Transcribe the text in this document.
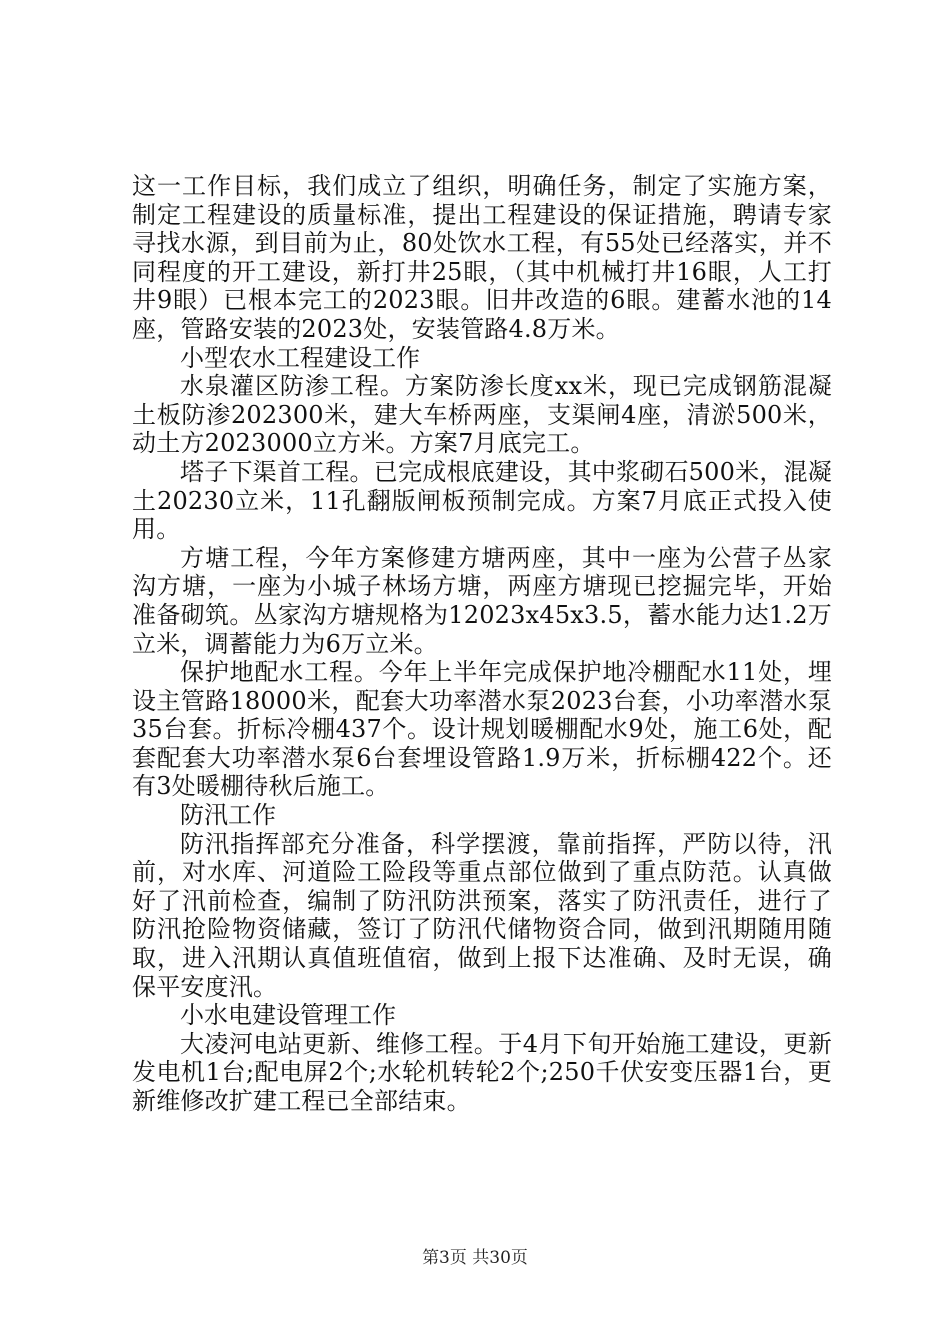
这一工作目标，我们成立了组织，明确任务，制定了实施方案，制定工程建设的质量标准，提出工程建设的保证措施，聘请专家寻找水源，到目前为止，80处饮水工程，有55处已经落实，并不同程度的开工建设，新打井25眼，（其中机械打井16眼，人工打井9眼）已根本完工的2023眼。旧井改造的6眼。建蓄水池的14座，管路安装的2023处，安装管路4.8万米。

小型农水工程建设工作

水泉灌区防渗工程。方案防渗长度xx米，现已完成钢筋混凝土板防渗202300米，建大车桥两座，支渠闸4座，清淤500米，动土方2023000立方米。方案7月底完工。

塔子下渠首工程。已完成根底建设，其中浆砌石500米，混凝土20230立米，11孔翻版闸板预制完成。方案7月底正式投入使用。

方塘工程，今年方案修建方塘两座，其中一座为公营子丛家沟方塘，一座为小城子林场方塘，两座方塘现已挖掘完毕，开始准备砌筑。丛家沟方塘规格为12023x45x3.5，蓄水能力达1.2万立米，调蓄能力为6万立米。

保护地配水工程。今年上半年完成保护地冷棚配水11处，埋设主管路18000米，配套大功率潜水泵2023台套，小功率潜水泵35台套。折标冷棚437个。设计规划暖棚配水9处，施工6处，配套配套大功率潜水泵6台套埋设管路1.9万米，折标棚422个。还有3处暖棚待秋后施工。

防汛工作

防汛指挥部充分准备，科学摆渡，靠前指挥，严防以待，汛前，对水库、河道险工险段等重点部位做到了重点防范。认真做好了汛前检查，编制了防汛防洪预案，落实了防汛责任，进行了防汛抢险物资储藏，签订了防汛代储物资合同，做到汛期随用随取，进入汛期认真值班值宿，做到上报下达准确、及时无误，确保平安度汛。

小水电建设管理工作

大凌河电站更新、维修工程。于4月下旬开始施工建设，更新发电机1台;配电屏2个;水轮机转轮2个;250千伏安变压器1台，更新维修改扩建工程已全部结束。

第3页 共30页
